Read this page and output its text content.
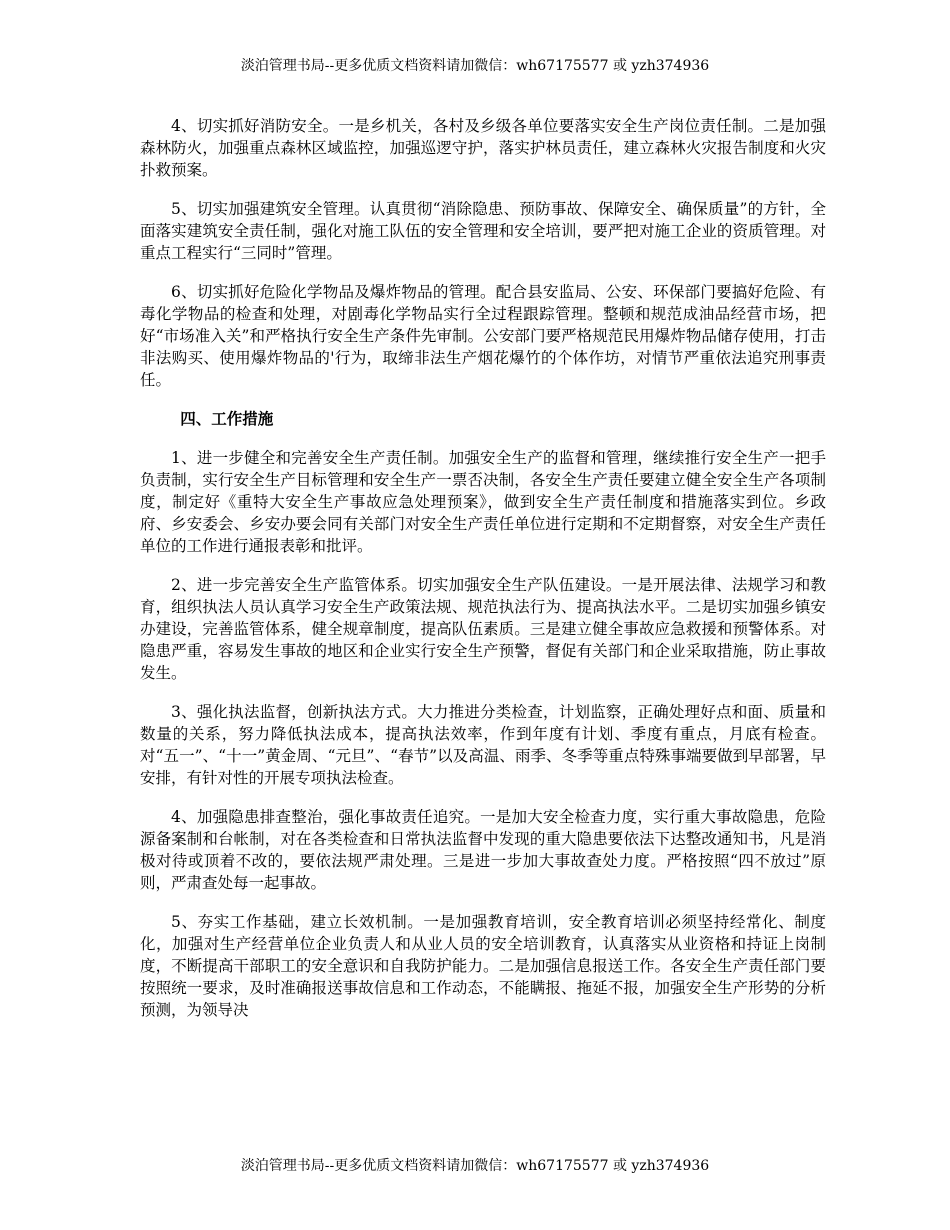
淡泊管理书局--更多优质文档资料请加微信：wh67175577 或 yzh374936

4、切实抓好消防安全。一是乡机关，各村及乡级各单位要落实安全生产岗位责任制。二是加强森林防火，加强重点森林区域监控，加强巡逻守护，落实护林员责任，建立森林火灾报告制度和火灾扑救预案。

5、切实加强建筑安全管理。认真贯彻“消除隐患、预防事故、保障安全、确保质量”的方针，全面落实建筑安全责任制，强化对施工队伍的安全管理和安全培训，要严把对施工企业的资质管理。对重点工程实行“三同时”管理。

6、切实抓好危险化学物品及爆炸物品的管理。配合县安监局、公安、环保部门要搞好危险、有毒化学物品的检查和处理，对剧毒化学物品实行全过程跟踪管理。整顿和规范成油品经营市场，把好“市场准入关”和严格执行安全生产条件先审制。公安部门要严格规范民用爆炸物品储存使用，打击非法购买、使用爆炸物品的'行为，取缔非法生产烟花爆竹的个体作坊，对情节严重依法追究刑事责任。

四、工作措施

1、进一步健全和完善安全生产责任制。加强安全生产的监督和管理，继续推行安全生产一把手负责制，实行安全生产目标管理和安全生产一票否决制，各安全生产责任要建立健全安全生产各项制度，制定好《重特大安全生产事故应急处理预案》，做到安全生产责任制度和措施落实到位。乡政府、乡安委会、乡安办要会同有关部门对安全生产责任单位进行定期和不定期督察，对安全生产责任单位的工作进行通报表彰和批评。

2、进一步完善安全生产监管体系。切实加强安全生产队伍建设。一是开展法律、法规学习和教育，组织执法人员认真学习安全生产政策法规、规范执法行为、提高执法水平。二是切实加强乡镇安办建设，完善监管体系，健全规章制度，提高队伍素质。三是建立健全事故应急救援和预警体系。对隐患严重，容易发生事故的地区和企业实行安全生产预警，督促有关部门和企业采取措施，防止事故发生。

3、强化执法监督，创新执法方式。大力推进分类检查，计划监察，正确处理好点和面、质量和数量的关系，努力降低执法成本，提高执法效率，作到年度有计划、季度有重点，月底有检查。对“五一”、“十一”黄金周、“元旦”、“春节”以及高温、雨季、冬季等重点特殊事端要做到早部署，早安排，有针对性的开展专项执法检查。

4、加强隐患排查整治，强化事故责任追究。一是加大安全检查力度，实行重大事故隐患，危险源备案制和台帐制，对在各类检查和日常执法监督中发现的重大隐患要依法下达整改通知书，凡是消极对待或顶着不改的，要依法规严肃处理。三是进一步加大事故查处力度。严格按照“四不放过”原则，严肃查处每一起事故。

5、夯实工作基础，建立长效机制。一是加强教育培训，安全教育培训必须坚持经常化、制度化，加强对生产经营单位企业负责人和从业人员的安全培训教育，认真落实从业资格和持证上岗制度，不断提高干部职工的安全意识和自我防护能力。二是加强信息报送工作。各安全生产责任部门要按照统一要求，及时准确报送事故信息和工作动态，不能瞒报、拖延不报，加强安全生产形势的分析预测，为领导决

淡泊管理书局--更多优质文档资料请加微信：wh67175577 或 yzh374936
